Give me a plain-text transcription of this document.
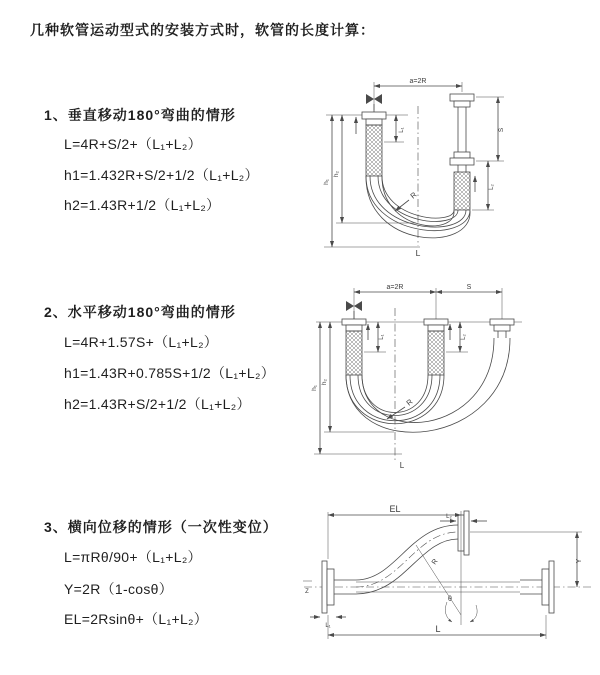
几种软管运动型式的安装方式时，软管的长度计算：
1、垂直移动180°弯曲的情形
L=4R+S/2+（L₁+L₂）
h1=1.432R+S/2+1/2（L₁+L₂）
h2=1.43R+1/2（L₁+L₂）
a=2R
L₁	S
L₂
h₁
h₂
R
L
2、水平移动180°弯曲的情形
L=4R+1.57S+（L₁+L₂）
h1=1.43R+0.785S+1/2（L₁+L₂）
h2=1.43R+S/2+1/2（L₁+L₂）
a=2R	S
L₁	L₂
h₁
h₂
R
L
3、横向位移的情形（一次性变位）
L=πRθ/90+（L₁+L₂）
Y=2R（1-cosθ）
EL=2Rsinθ+（L₁+L₂）
Z
EL
L₂
Y
R
θ
L₁	L
